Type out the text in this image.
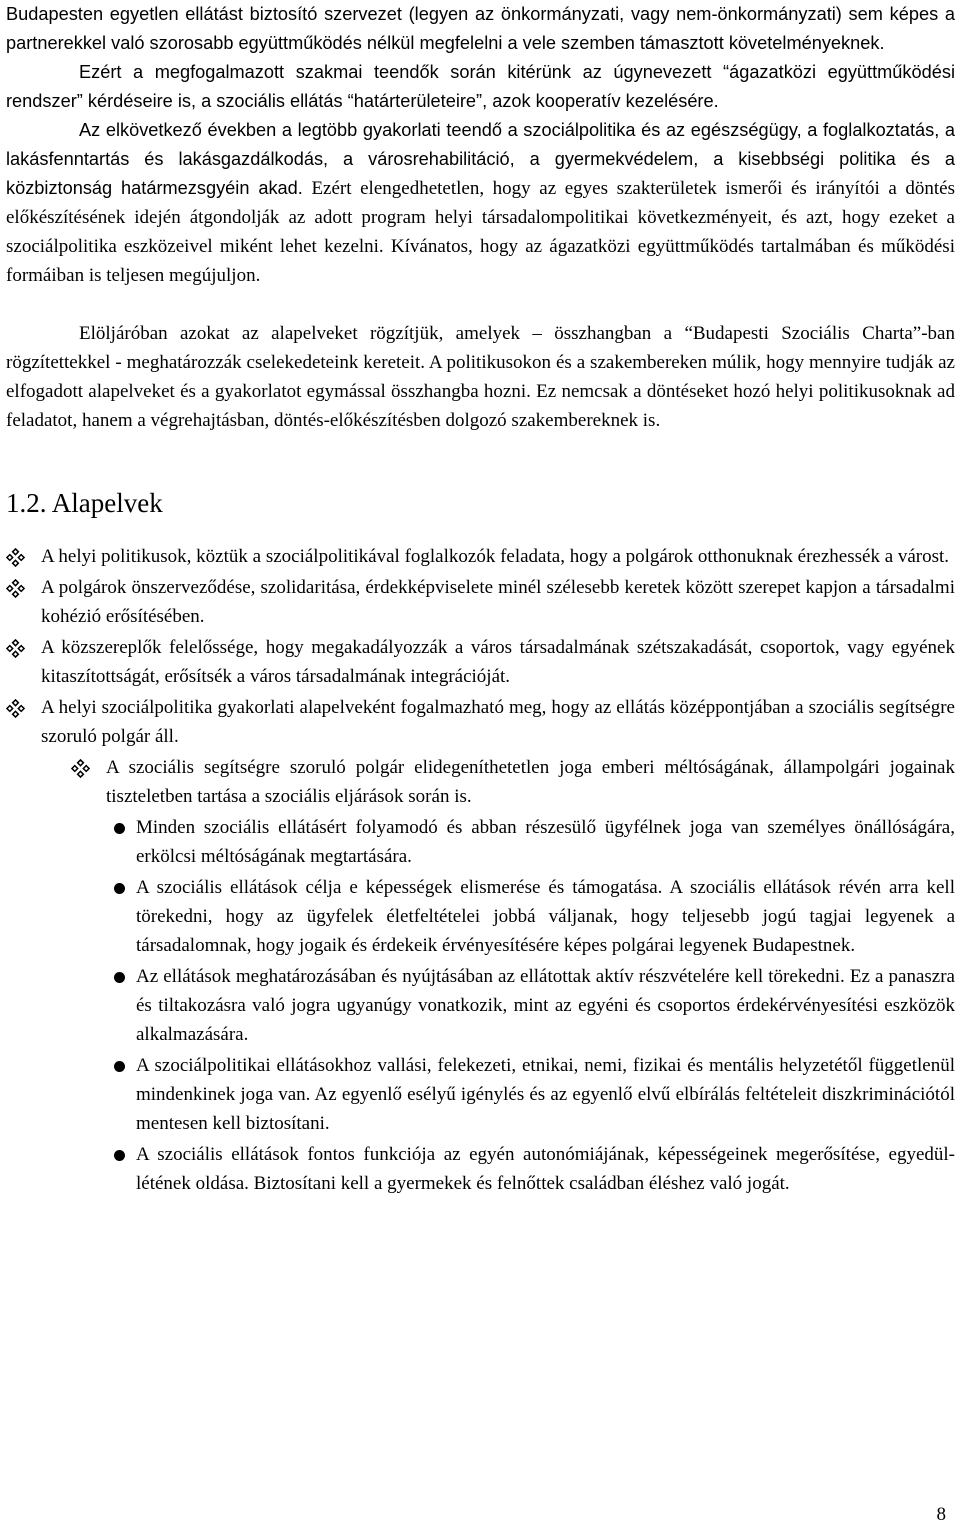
Budapesten egyetlen ellátást biztosító szervezet (legyen az önkormányzati, vagy nem-önkormányzati) sem képes a partnerekkel való szorosabb együttműködés nélkül megfelelni a vele szemben támasztott követelményeknek.

Ezért a megfogalmazott szakmai teendők során kitérünk az úgynevezett “ágazatközi együttműködési rendszer” kérdéseire is, a szociális ellátás “határterületeire”, azok kooperatív kezelésére.

Az elkövetkező években a legtöbb gyakorlati teendő a szociálpolitika és az egészségügy, a foglalkoztatás, a lakásfenntartás és lakásgazdálkodás, a városrehabilitáció, a gyermekvédelem, a kisebbségi politika és a közbiztonság határmezsgyéin akad. Ezért elengedhetetlen, hogy az egyes szakterületek ismerői és irányítói a döntés előkészítésének idején átgondolják az adott program helyi társadalompolitikai következményeit, és azt, hogy ezeket a szociálpolitika eszközeivel miként lehet kezelni. Kívánatos, hogy az ágazatközi együttműködés tartalmában és működési formáiban is teljesen megújuljon.

Elöljáróban azokat az alapelveket rögzítjük, amelyek – összhangban a “Budapesti Szociális Charta”-ban rögzítettekkel - meghatározzák cselekedeteink kereteit. A politikusokon és a szakembereken múlik, hogy mennyire tudják az elfogadott alapelveket és a gyakorlatot egymással összhangba hozni. Ez nemcsak a döntéseket hozó helyi politikusoknak ad feladatot, hanem a végrehajtásban, döntés-előkészítésben dolgozó szakembereknek is.

1.2. Alapelvek

A helyi politikusok, köztük a szociálpolitikával foglalkozók feladata, hogy a polgárok otthonuknak érezhessék a várost.

A polgárok önszerveződése, szolidaritása, érdekképviselete minél szélesebb keretek között szerepet kapjon a társadalmi kohézió erősítésében.

A közszereplők felelőssége, hogy megakadályozzák a város társadalmának szétszakadását, csoportok, vagy egyének kitaszítottságát, erősítsék a város társadalmának integrációját.

A helyi szociálpolitika gyakorlati alapelveként fogalmazható meg, hogy az ellátás középpontjában a szociális segítségre szoruló polgár áll.

A szociális segítségre szoruló polgár elidegeníthetetlen joga emberi méltóságának, állampolgári jogainak tiszteletben tartása a szociális eljárások során is.

Minden szociális ellátásért folyamodó és abban részesülő ügyfélnek joga van személyes önállóságára, erkölcsi méltóságának megtartására.

A szociális ellátások célja e képességek elismerése és támogatása. A szociális ellátások révén arra kell törekedni, hogy az ügyfelek életfeltételei jobbá váljanak, hogy teljesebb jogú tagjai legyenek a társadalomnak, hogy jogaik és érdekeik érvényesítésére képes polgárai legyenek Budapestnek.

Az ellátások meghatározásában és nyújtásában az ellátottak aktív részvételére kell törekedni. Ez a panaszra és tiltakozásra való jogra ugyanúgy vonatkozik, mint az egyéni és csoportos érdekérvényesítési eszközök alkalmazására.

A szociálpolitikai ellátásokhoz vallási, felekezeti, etnikai, nemi, fizikai és mentális helyzetétől függetlenül mindenkinek joga van. Az egyenlő esélyű igénylés és az egyenlő elvű elbírálás feltételeit diszkriminációtól mentesen kell biztosítani.

A szociális ellátások fontos funkciója az egyén autonómiájának, képességeinek megerősítése, egyedül-létének oldása. Biztosítani kell a gyermekek és felnőttek családban éléshez való jogát.

8
